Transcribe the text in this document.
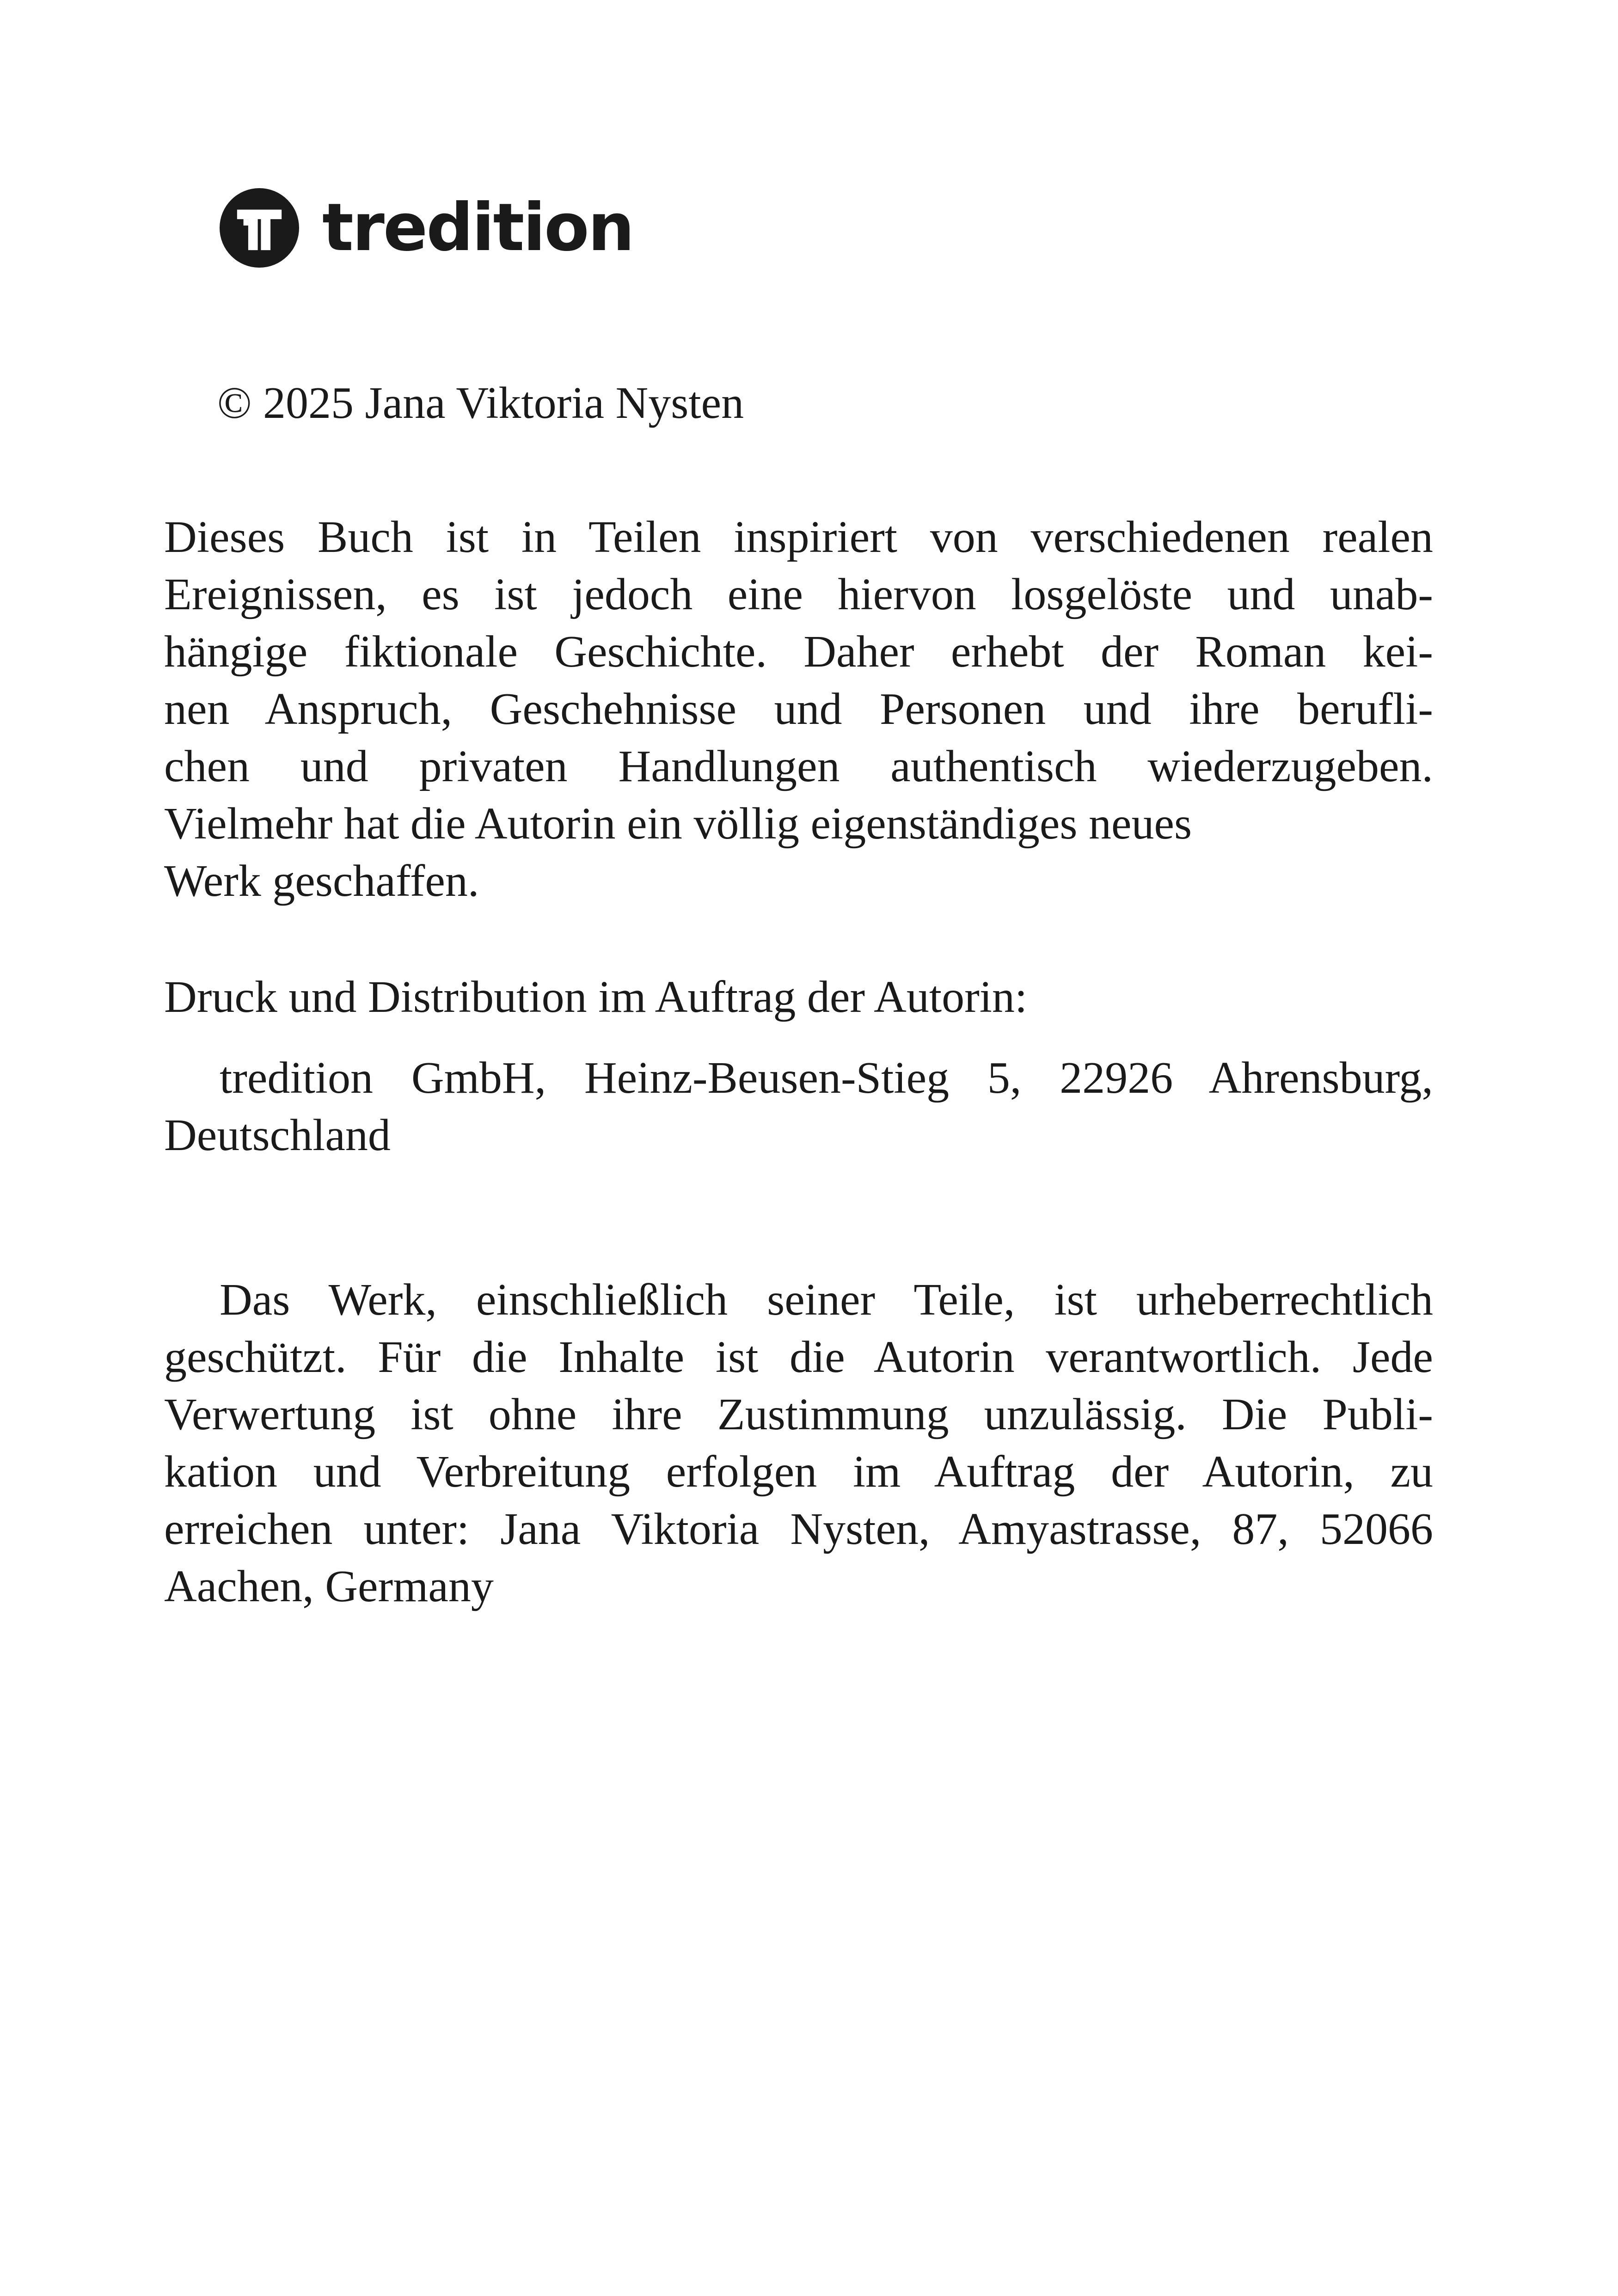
tredition

© 2025 Jana Viktoria Nysten

Dieses Buch ist in Teilen inspiriert von verschiedenen realen
Ereignissen, es ist jedoch eine hiervon losgelöste und unab-
hängige fiktionale Geschichte. Daher erhebt der Roman kei-
nen Anspruch, Geschehnisse und Personen und ihre berufli-
chen und privaten Handlungen authentisch wiederzugeben.
Vielmehr hat die Autorin ein völlig eigenständiges neues
Werk geschaffen.

Druck und Distribution im Auftrag der Autorin:

tredition GmbH, Heinz-Beusen-Stieg 5, 22926 Ahrensburg,
Deutschland

Das Werk, einschließlich seiner Teile, ist urheberrechtlich
geschützt. Für die Inhalte ist die Autorin verantwortlich. Jede
Verwertung ist ohne ihre Zustimmung unzulässig. Die Publi-
kation und Verbreitung erfolgen im Auftrag der Autorin, zu
erreichen unter: Jana Viktoria Nysten, Amyastrasse, 87, 52066
Aachen, Germany
